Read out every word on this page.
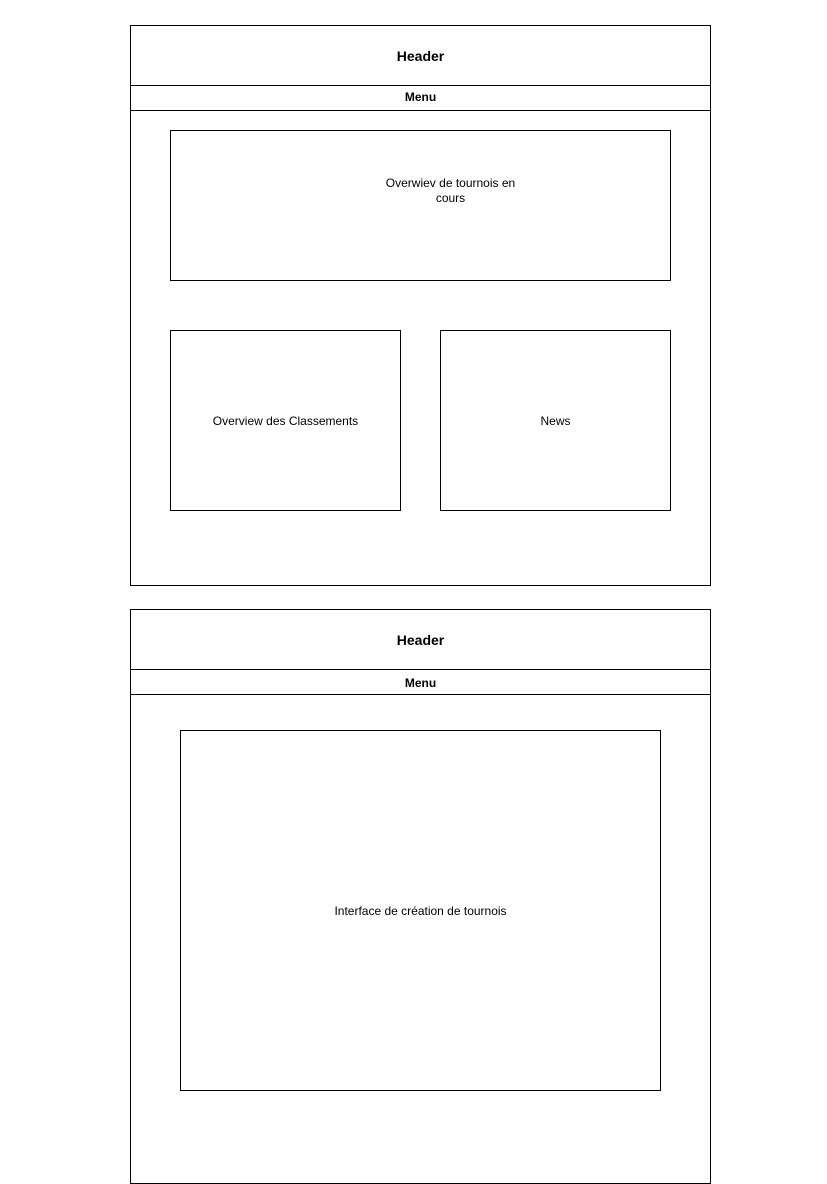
Header
Menu
Overwiev de tournois en
cours
Overview des Classements	News
Header
Menu
Interface de création de tournois
